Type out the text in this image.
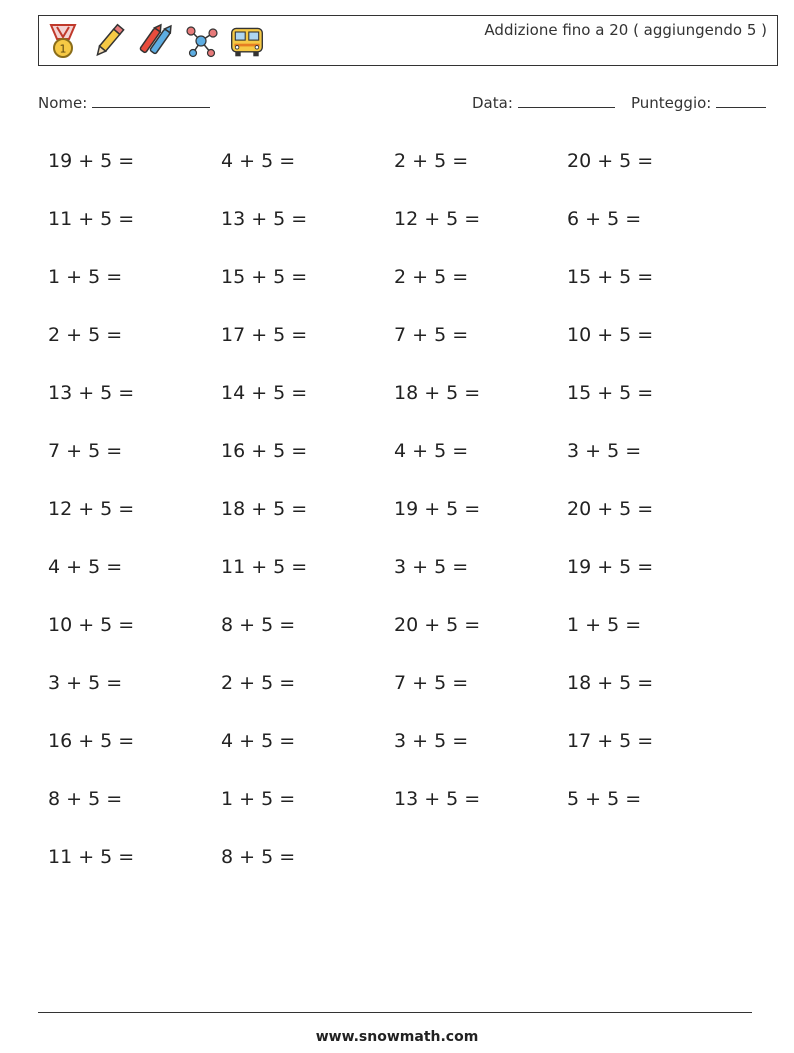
1
Addizione fino a 20 ( aggiungendo 5 )
Nome:	Data:	Punteggio:
19 + 5 =	4 + 5 =	2 + 5 =	20 + 5 =
11 + 5 =	13 + 5 =	12 + 5 =	6 + 5 =
1 + 5 =	15 + 5 =	2 + 5 =	15 + 5 =
2 + 5 =	17 + 5 =	7 + 5 =	10 + 5 =
13 + 5 =	14 + 5 =	18 + 5 =	15 + 5 =
7 + 5 =	16 + 5 =	4 + 5 =	3 + 5 =
12 + 5 =	18 + 5 =	19 + 5 =	20 + 5 =
4 + 5 =	11 + 5 =	3 + 5 =	19 + 5 =
10 + 5 =	8 + 5 =	20 + 5 =	1 + 5 =
3 + 5 =	2 + 5 =	7 + 5 =	18 + 5 =
16 + 5 =	4 + 5 =	3 + 5 =	17 + 5 =
8 + 5 =	1 + 5 =	13 + 5 =	5 + 5 =
11 + 5 =	8 + 5 =
www.snowmath.com
